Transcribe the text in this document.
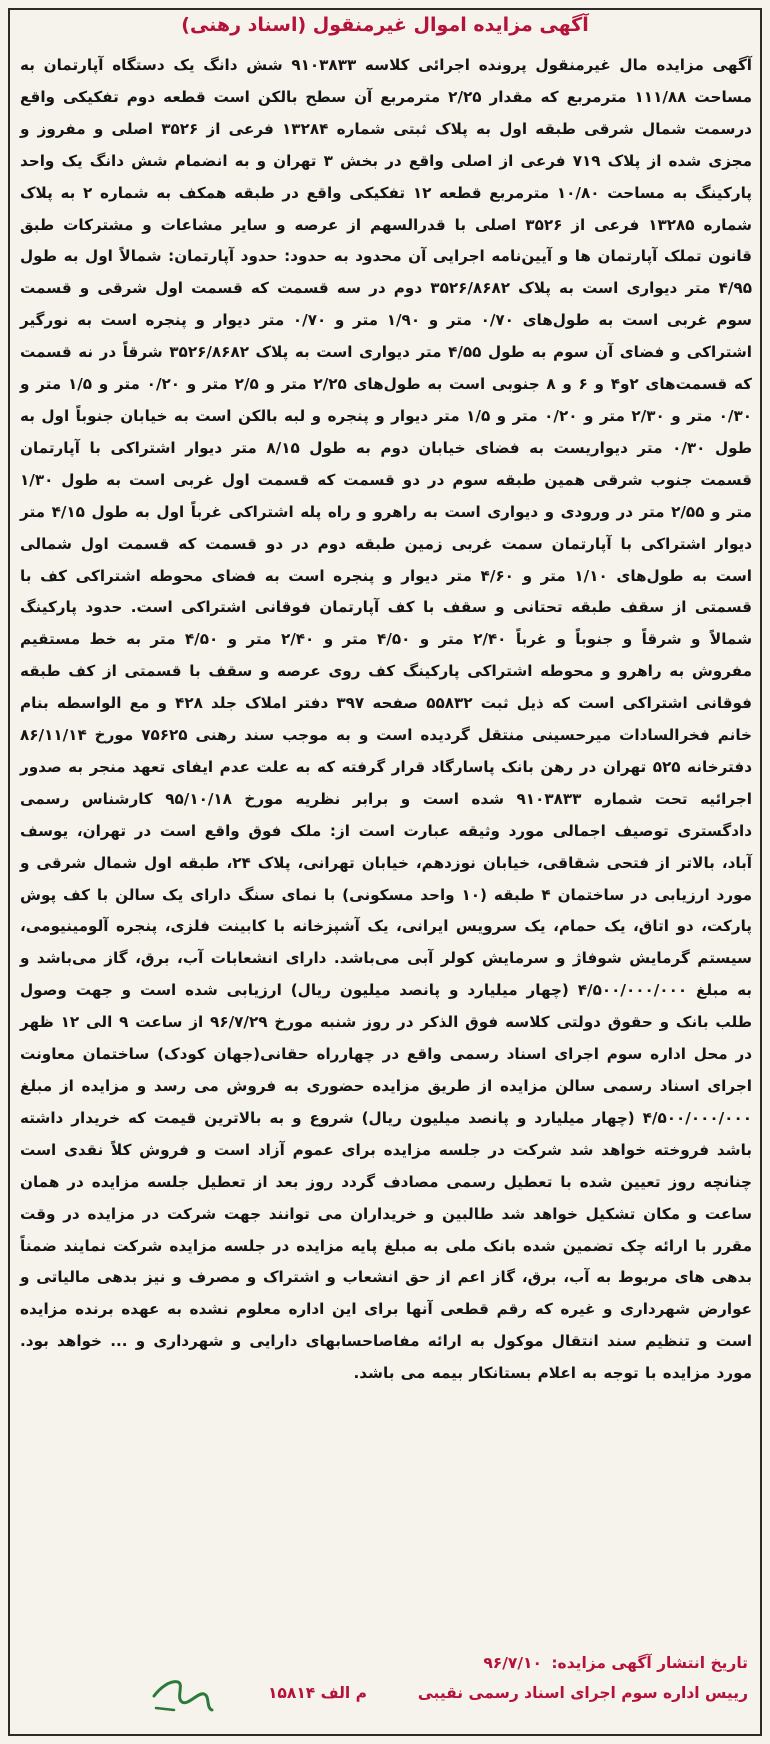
آگهی مزایده اموال غیرمنقول (اسناد رهنی)
آگهی مزایده مال غیرمنقول پرونده اجرائی کلاسه ۹۱۰۳۸۳۳ شش دانگ یک دستگاه آپارتمان به مساحت ۱۱۱/۸۸ مترمربع که مقدار ۲/۲۵ مترمربع آن سطح بالکن است قطعه دوم تفکیکی واقع درسمت شمال شرقی طبقه اول به پلاک ثبتی شماره ۱۳۲۸۴ فرعی از ۳۵۲۶ اصلی و مفروز و مجزی شده از پلاک ۷۱۹ فرعی از اصلی واقع در بخش ۳ تهران و به انضمام شش دانگ یک واحد پارکینگ به مساحت ۱۰/۸۰ مترمربع قطعه ۱۲ تفکیکی واقع در طبقه همکف به شماره ۲ به پلاک شماره ۱۳۲۸۵ فرعی از ۳۵۲۶ اصلی با قدرالسهم از عرصه و سایر مشاعات و مشترکات طبق قانون تملک آپارتمان ها و آیین‌نامه اجرایی آن محدود به حدود: حدود آپارتمان: شمالاً اول به طول ۴/۹۵ متر دیواری است به پلاک ۳۵۲۶/۸۶۸۲ دوم در سه قسمت که قسمت اول شرقی و قسمت سوم غربی است به طول‌های ۰/۷۰ متر و ۱/۹۰ متر و ۰/۷۰ متر دیوار و پنجره است به نورگیر اشتراکی و فضای آن سوم به طول ۴/۵۵ متر دیواری است به پلاک ۳۵۲۶/۸۶۸۲ شرقاً در نه قسمت که قسمت‌های ۲و۴ و ۶ و ۸ جنوبی است به طول‌های ۲/۲۵ متر و ۲/۵ متر و ۰/۲۰ متر و ۱/۵ متر و ۰/۳۰ متر و ۲/۳۰ متر و ۰/۲۰ متر و ۱/۵ متر دیوار و پنجره و لبه بالکن است به خیابان جنوباً اول به طول ۰/۳۰ متر دیواریست به فضای خیابان دوم به طول ۸/۱۵ متر دیوار اشتراکی با آپارتمان قسمت جنوب شرقی همین طبقه سوم در دو قسمت که قسمت اول غربی است به طول ۱/۳۰ متر و ۲/۵۵ متر در ورودی و دیواری است به راهرو و راه پله اشتراکی غرباً اول به طول ۴/۱۵ متر دیوار اشتراکی با آپارتمان سمت غربی زمین طبقه دوم در دو قسمت که قسمت اول شمالی است به طول‌های ۱/۱۰ متر و ۴/۶۰ متر دیوار و پنجره است به فضای محوطه اشتراکی کف با قسمتی از سقف طبقه تحتانی و سقف با کف آپارتمان فوقانی اشتراکی است. حدود پارکینگ شمالاً و شرقاً و جنوباً و غرباً ۲/۴۰ متر و ۴/۵۰ متر و ۲/۴۰ متر و ۴/۵۰ متر به خط مستقیم مفروش به راهرو و محوطه اشتراکی پارکینگ کف روی عرصه و سقف با قسمتی از کف طبقه فوقانی اشتراکی است که ذیل ثبت ۵۵۸۳۲ صفحه ۳۹۷ دفتر املاک جلد ۴۲۸ و مع الواسطه بنام خانم فخرالسادات میرحسینی منتقل گردیده است و به موجب سند رهنی ۷۵۶۲۵ مورخ ۸۶/۱۱/۱۴ دفترخانه ۵۲۵ تهران در رهن بانک پاسارگاد قرار گرفته که به علت عدم ایفای تعهد منجر به صدور اجرائیه تحت شماره ۹۱۰۳۸۳۳ شده است و برابر نظریه مورخ ۹۵/۱۰/۱۸ کارشناس رسمی دادگستری توصیف اجمالی مورد وثیقه عبارت است از: ملک فوق واقع است در تهران، یوسف آباد، بالاتر از فتحی شقاقی، خیابان نوزدهم، خیابان تهرانی، پلاک ۲۴، طبقه اول شمال شرقی و مورد ارزیابی در ساختمان ۴ طبقه (۱۰ واحد مسکونی) با نمای سنگ دارای یک سالن با کف پوش پارکت، دو اتاق، یک حمام، یک سرویس ایرانی، یک آشپزخانه با کابینت فلزی، پنجره آلومینیومی، سیستم گرمایش شوفاژ و سرمایش کولر آبی می‌باشد. دارای انشعابات آب، برق، گاز می‌باشد و به مبلغ ۴/۵۰۰/۰۰۰/۰۰۰ (چهار میلیارد و پانصد میلیون ریال) ارزیابی شده است و جهت وصول طلب بانک و حقوق دولتی کلاسه فوق الذکر در روز شنبه مورخ ۹۶/۷/۲۹ از ساعت ۹ الی ۱۲ ظهر در محل اداره سوم اجرای اسناد رسمی واقع در چهارراه حقانی(جهان کودک) ساختمان معاونت اجرای اسناد رسمی سالن مزایده از طریق مزایده حضوری به فروش می رسد و مزایده از مبلغ ۴/۵۰۰/۰۰۰/۰۰۰ (چهار میلیارد و پانصد میلیون ریال) شروع و به بالاترین قیمت که خریدار داشته باشد فروخته خواهد شد شرکت در جلسه مزایده برای عموم آزاد است و فروش کلاً نقدی است چنانچه روز تعیین شده با تعطیل رسمی مصادف گردد روز بعد از تعطیل جلسه مزایده در همان ساعت و مکان تشکیل خواهد شد طالبین و خریداران می توانند جهت شرکت در مزایده در وقت مقرر با ارائه چک تضمین شده بانک ملی به مبلغ پایه مزایده در جلسه مزایده شرکت نمایند ضمناً بدهی های مربوط به آب، برق، گاز اعم از حق انشعاب و اشتراک و مصرف و نیز بدهی مالیاتی و عوارض شهرداری و غیره که رقم قطعی آنها برای این اداره معلوم نشده به عهده برنده مزایده است و تنظیم سند انتقال موکول به ارائه مفاصاحسابهای دارایی و شهرداری و ... خواهد بود. مورد مزایده با توجه به اعلام بستانکار بیمه می باشد.
تاریخ انتشار آگهی مزایده: ۹۶/۷/۱۰
رییس اداره سوم اجرای اسناد رسمی نقیبی  م الف ۱۵۸۱۴
